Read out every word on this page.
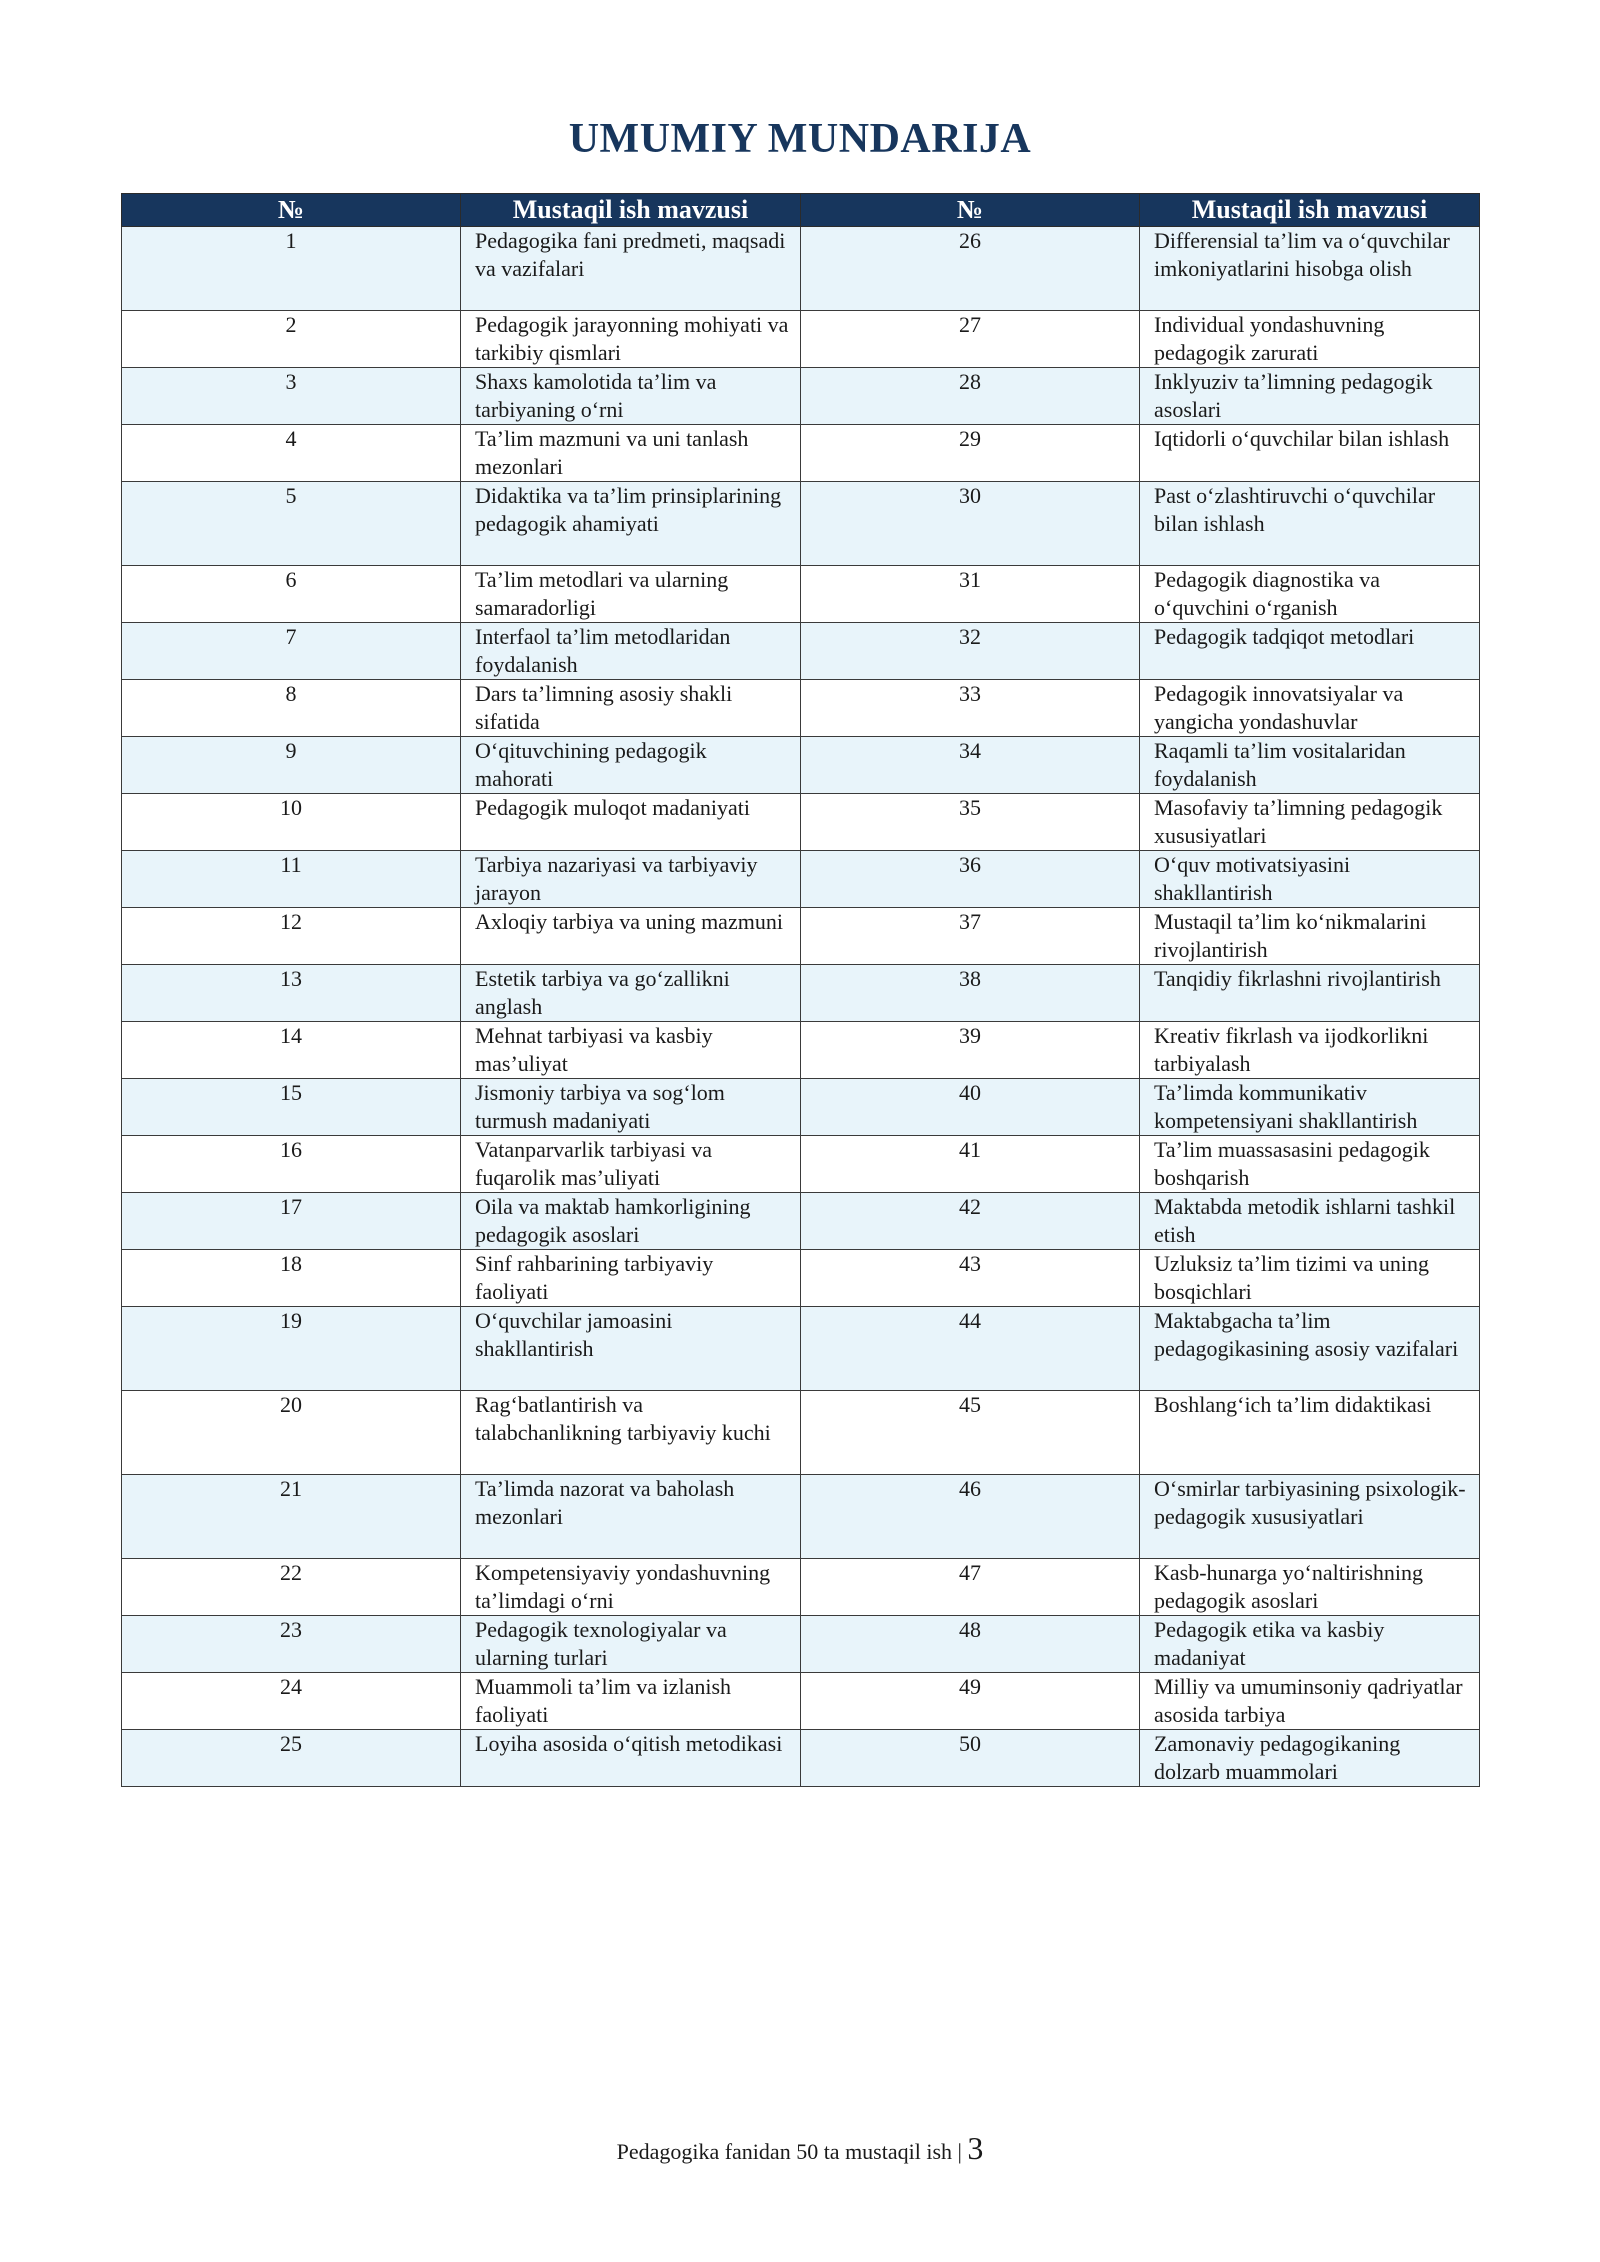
UMUMIY MUNDARIJA
№	Mustaqil ish mavzusi	№	Mustaqil ish mavzusi
1	Pedagogika fani predmeti, maqsadi va vazifalari	26	Differensial ta’lim va o‘quvchilar imkoniyatlarini hisobga olish
2	Pedagogik jarayonning mohiyati va tarkibiy qismlari	27	Individual yondashuvning pedagogik zarurati
3	Shaxs kamolotida ta’lim va tarbiyaning o‘rni	28	Inklyuziv ta’limning pedagogik asoslari
4	Ta’lim mazmuni va uni tanlash mezonlari	29	Iqtidorli o‘quvchilar bilan ishlash
5	Didaktika va ta’lim prinsiplarining pedagogik ahamiyati	30	Past o‘zlashtiruvchi o‘quvchilar bilan ishlash
6	Ta’lim metodlari va ularning samaradorligi	31	Pedagogik diagnostika va o‘quvchini o‘rganish
7	Interfaol ta’lim metodlaridan foydalanish	32	Pedagogik tadqiqot metodlari
8	Dars ta’limning asosiy shakli sifatida	33	Pedagogik innovatsiyalar va yangicha yondashuvlar
9	O‘qituvchining pedagogik mahorati	34	Raqamli ta’lim vositalaridan foydalanish
10	Pedagogik muloqot madaniyati	35	Masofaviy ta’limning pedagogik xususiyatlari
11	Tarbiya nazariyasi va tarbiyaviy jarayon	36	O‘quv motivatsiyasini shakllantirish
12	Axloqiy tarbiya va uning mazmuni	37	Mustaqil ta’lim ko‘nikmalarini rivojlantirish
13	Estetik tarbiya va go‘zallikni anglash	38	Tanqidiy fikrlashni rivojlantirish
14	Mehnat tarbiyasi va kasbiy mas’uliyat	39	Kreativ fikrlash va ijodkorlikni tarbiyalash
15	Jismoniy tarbiya va sog‘lom turmush madaniyati	40	Ta’limda kommunikativ kompetensiyani shakllantirish
16	Vatanparvarlik tarbiyasi va fuqarolik mas’uliyati	41	Ta’lim muassasasini pedagogik boshqarish
17	Oila va maktab hamkorligining pedagogik asoslari	42	Maktabda metodik ishlarni tashkil etish
18	Sinf rahbarining tarbiyaviy faoliyati	43	Uzluksiz ta’lim tizimi va uning bosqichlari
19	O‘quvchilar jamoasini shakllantirish	44	Maktabgacha ta’lim pedagogikasining asosiy vazifalari
20	Rag‘batlantirish va talabchanlikning tarbiyaviy kuchi	45	Boshlang‘ich ta’lim didaktikasi
21	Ta’limda nazorat va baholash mezonlari	46	O‘smirlar tarbiyasining psixologik-pedagogik xususiyatlari
22	Kompetensiyaviy yondashuvning ta’limdagi o‘rni	47	Kasb-hunarga yo‘naltirishning pedagogik asoslari
23	Pedagogik texnologiyalar va ularning turlari	48	Pedagogik etika va kasbiy madaniyat
24	Muammoli ta’lim va izlanish faoliyati	49	Milliy va umuminsoniy qadriyatlar asosida tarbiya
25	Loyiha asosida o‘qitish metodikasi	50	Zamonaviy pedagogikaning dolzarb muammolari
Pedagogika fanidan 50 ta mustaqil ish | 3
